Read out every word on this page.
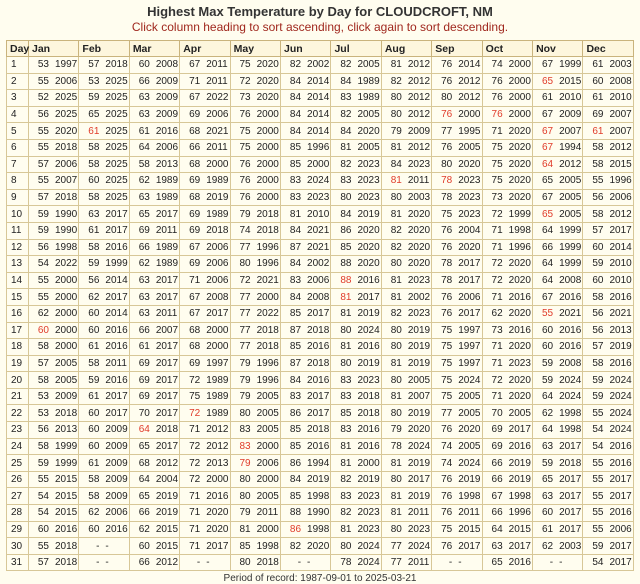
Highest Max Temperature by Day for CLOUDCROFT, NM
Click column heading to sort ascending, click again to sort descending.
Day	Jan	Feb	Mar	Apr	May	Jun	Jul	Aug	Sep	Oct	Nov	Dec
1	53 1997	57 2018	60 2008	67 2011	75 2020	82 2002	82 2005	81 2012	76 2014	74 2000	67 1999	61 2003
2	55 2006	53 2025	66 2009	71 2011	72 2020	84 2014	84 1989	82 2012	76 2012	76 2000	65 2015	60 2008
3	52 2025	59 2025	63 2009	67 2022	73 2020	84 2014	83 1989	80 2012	80 2012	76 2000	61 2010	61 2010
4	56 2025	65 2025	63 2009	69 2006	76 2000	84 2014	82 2005	80 2012	76 2000	76 2000	67 2009	69 2007
5	55 2020	61 2025	61 2016	68 2021	75 2000	84 2014	84 2020	79 2009	77 1995	71 2020	67 2007	61 2007
6	55 2018	58 2025	64 2006	66 2011	75 2000	85 1996	81 2005	81 2012	76 2005	75 2020	67 1994	58 2012
7	57 2006	58 2025	58 2013	68 2000	76 2000	85 2000	82 2023	84 2023	80 2020	75 2020	64 2012	58 2015
8	55 2007	60 2025	62 1989	69 1989	76 2000	83 2024	83 2023	81 2011	78 2023	75 2020	65 2005	55 1996
9	57 2018	58 2025	63 1989	68 2019	76 2000	83 2023	80 2023	80 2003	78 2023	73 2020	67 2005	56 2006
10	59 1990	63 2017	65 2017	69 1989	79 2018	81 2010	84 2019	81 2020	75 2023	72 1999	65 2005	58 2012
11	59 1990	61 2017	69 2011	69 2018	74 2018	84 2021	86 2020	82 2020	76 2004	71 1998	64 1999	57 2017
12	56 1998	58 2016	66 1989	67 2006	77 1996	87 2021	85 2020	82 2020	76 2020	71 1996	66 1999	60 2014
13	54 2022	59 1999	62 1989	69 2006	80 1996	84 2002	88 2020	80 2020	78 2017	72 2020	64 1999	59 2010
14	55 2000	56 2014	63 2017	71 2006	72 2021	83 2006	88 2016	81 2023	78 2017	72 2020	64 2008	60 2010
15	55 2000	62 2017	63 2017	67 2008	77 2000	84 2008	81 2017	81 2002	76 2006	71 2016	67 2016	58 2016
16	62 2000	60 2014	63 2011	67 2017	77 2022	85 2017	81 2019	82 2023	76 2017	62 2020	55 2021	56 2021
17	60 2000	60 2016	66 2007	68 2000	77 2018	87 2018	80 2024	80 2019	75 1997	73 2016	60 2016	56 2013
18	58 2000	61 2016	61 2017	68 2000	77 2018	85 2016	81 2016	80 2019	75 1997	71 2020	60 2016	57 2019
19	57 2005	58 2011	69 2017	69 1997	79 1996	87 2018	80 2019	81 2019	75 1997	71 2023	59 2008	58 2016
20	58 2005	59 2016	69 2017	72 1989	79 1996	84 2016	83 2023	80 2005	75 2024	72 2020	59 2024	59 2024
21	53 2009	61 2017	69 2017	75 1989	79 2005	83 2017	83 2018	81 2007	75 2005	71 2020	64 2024	59 2024
22	53 2018	60 2017	70 2017	72 1989	80 2005	86 2017	85 2018	80 2019	77 2005	70 2005	62 1998	55 2024
23	56 2013	60 2009	64 2018	71 2012	83 2005	85 2018	83 2016	79 2020	76 2020	69 2017	64 1998	54 2024
24	58 1999	60 2009	65 2017	72 2012	83 2000	85 2016	81 2016	78 2024	74 2005	69 2016	63 2017	54 2016
25	59 1999	61 2009	68 2012	72 2013	79 2006	86 1994	81 2000	81 2019	74 2024	66 2019	59 2018	55 2016
26	55 2015	58 2009	64 2004	72 2000	80 2000	84 2019	82 2019	80 2017	76 2019	66 2019	65 2017	55 2017
27	54 2015	58 2009	65 2019	71 2016	80 2005	85 1998	83 2023	81 2019	76 1998	67 1998	63 2017	55 2017
28	54 2015	62 2006	66 2019	71 2020	79 2011	88 1990	82 2023	81 2011	76 2011	66 1996	60 2017	55 2016
29	60 2016	60 2016	62 2015	71 2020	81 2000	86 1998	81 2023	80 2023	75 2015	64 2015	61 2017	55 2006
30	55 2018	- -	60 2015	71 2017	85 1998	82 2020	80 2024	77 2024	76 2017	63 2017	62 2003	59 2017
31	57 2018	- -	66 2012	- -	80 2018	- -	78 2024	77 2011	- -	65 2016	- -	54 2017
Period of record: 1987-09-01 to 2025-03-21
